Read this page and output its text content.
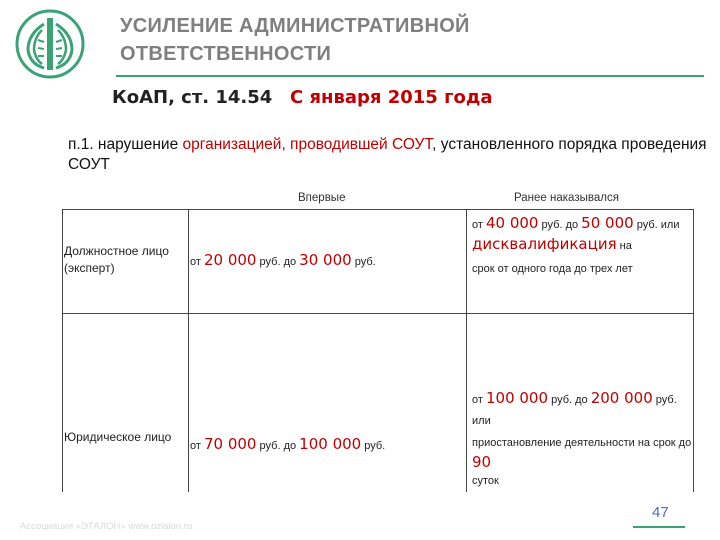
УСИЛЕНИЕ АДМИНИСТРАТИВНОЙ
ОТВЕТСТВЕННОСТИ
КоАП, ст. 14.54 С января 2015 года
п.1. нарушение организацией, проводившей СОУТ, установленного порядка проведения СОУТ
Впервые	Ранее наказывался
Должностное лицо (эксперт)	от 20 000 руб. до 30 000 руб.
от 40 000 руб. до 50 000 руб. или дисквалификация на
срок от одного года до трех лет
Юридическое лицо
от 70 000 руб. до 100 000 руб.
от 100 000 руб. до 200 000 руб. или
приостановление деятельности на срок до 90
суток
Ассоциация «ЭТАЛОН» www.ozlalon.ru
47
